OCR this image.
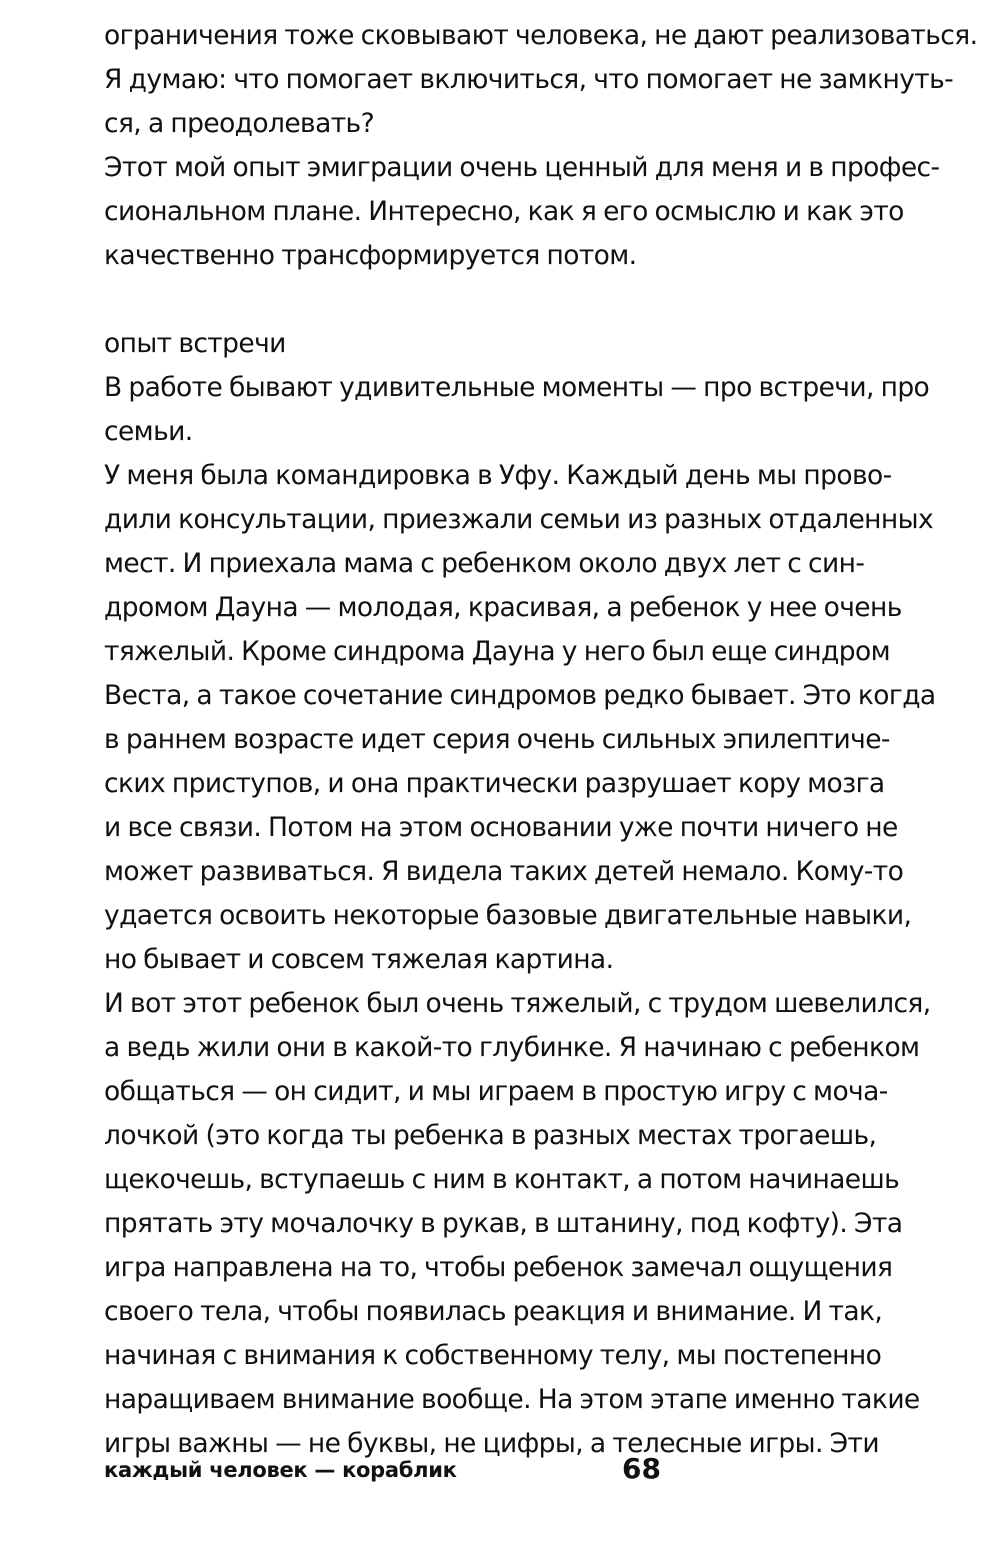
ограничения тоже сковывают человека, не дают реализоваться.
Я думаю: что помогает включиться, что помогает не замкнуть-
ся, а преодолевать?
Этот мой опыт эмиграции очень ценный для меня и в профес-
сиональном плане. Интересно, как я его осмыслю и как это
качественно трансформируется потом.
опыт встречи
В работе бывают удивительные моменты — про встречи, про
семьи.
У меня была командировка в Уфу. Каждый день мы прово-
дили консультации, приезжали семьи из разных отдаленных
мест. И приехала мама с ребенком около двух лет с син-
дромом Дауна — молодая, красивая, а ребенок у нее очень
тяжелый. Кроме синдрома Дауна у него был еще синдром
Веста, а такое сочетание синдромов редко бывает. Это когда
в раннем возрасте идет серия очень сильных эпилептиче-
ских приступов, и она практически разрушает кору мозга
и все связи. Потом на этом основании уже почти ничего не
может развиваться. Я видела таких детей немало. Кому-то
удается освоить некоторые базовые двигательные навыки,
но бывает и совсем тяжелая картина.
И вот этот ребенок был очень тяжелый, с трудом шевелился,
а ведь жили они в какой-то глубинке. Я начинаю с ребенком
общаться — он сидит, и мы играем в простую игру с моча-
лочкой (это когда ты ребенка в разных местах трогаешь,
щекочешь, вступаешь с ним в контакт, а потом начинаешь
прятать эту мочалочку в рукав, в штанину, под кофту). Эта
игра направлена на то, чтобы ребенок замечал ощущения
своего тела, чтобы появилась реакция и внимание. И так,
начиная с внимания к собственному телу, мы постепенно
наращиваем внимание вообще. На этом этапе именно такие
игры важны — не буквы, не цифры, а телесные игры. Эти
каждый человек — кораблик	68
